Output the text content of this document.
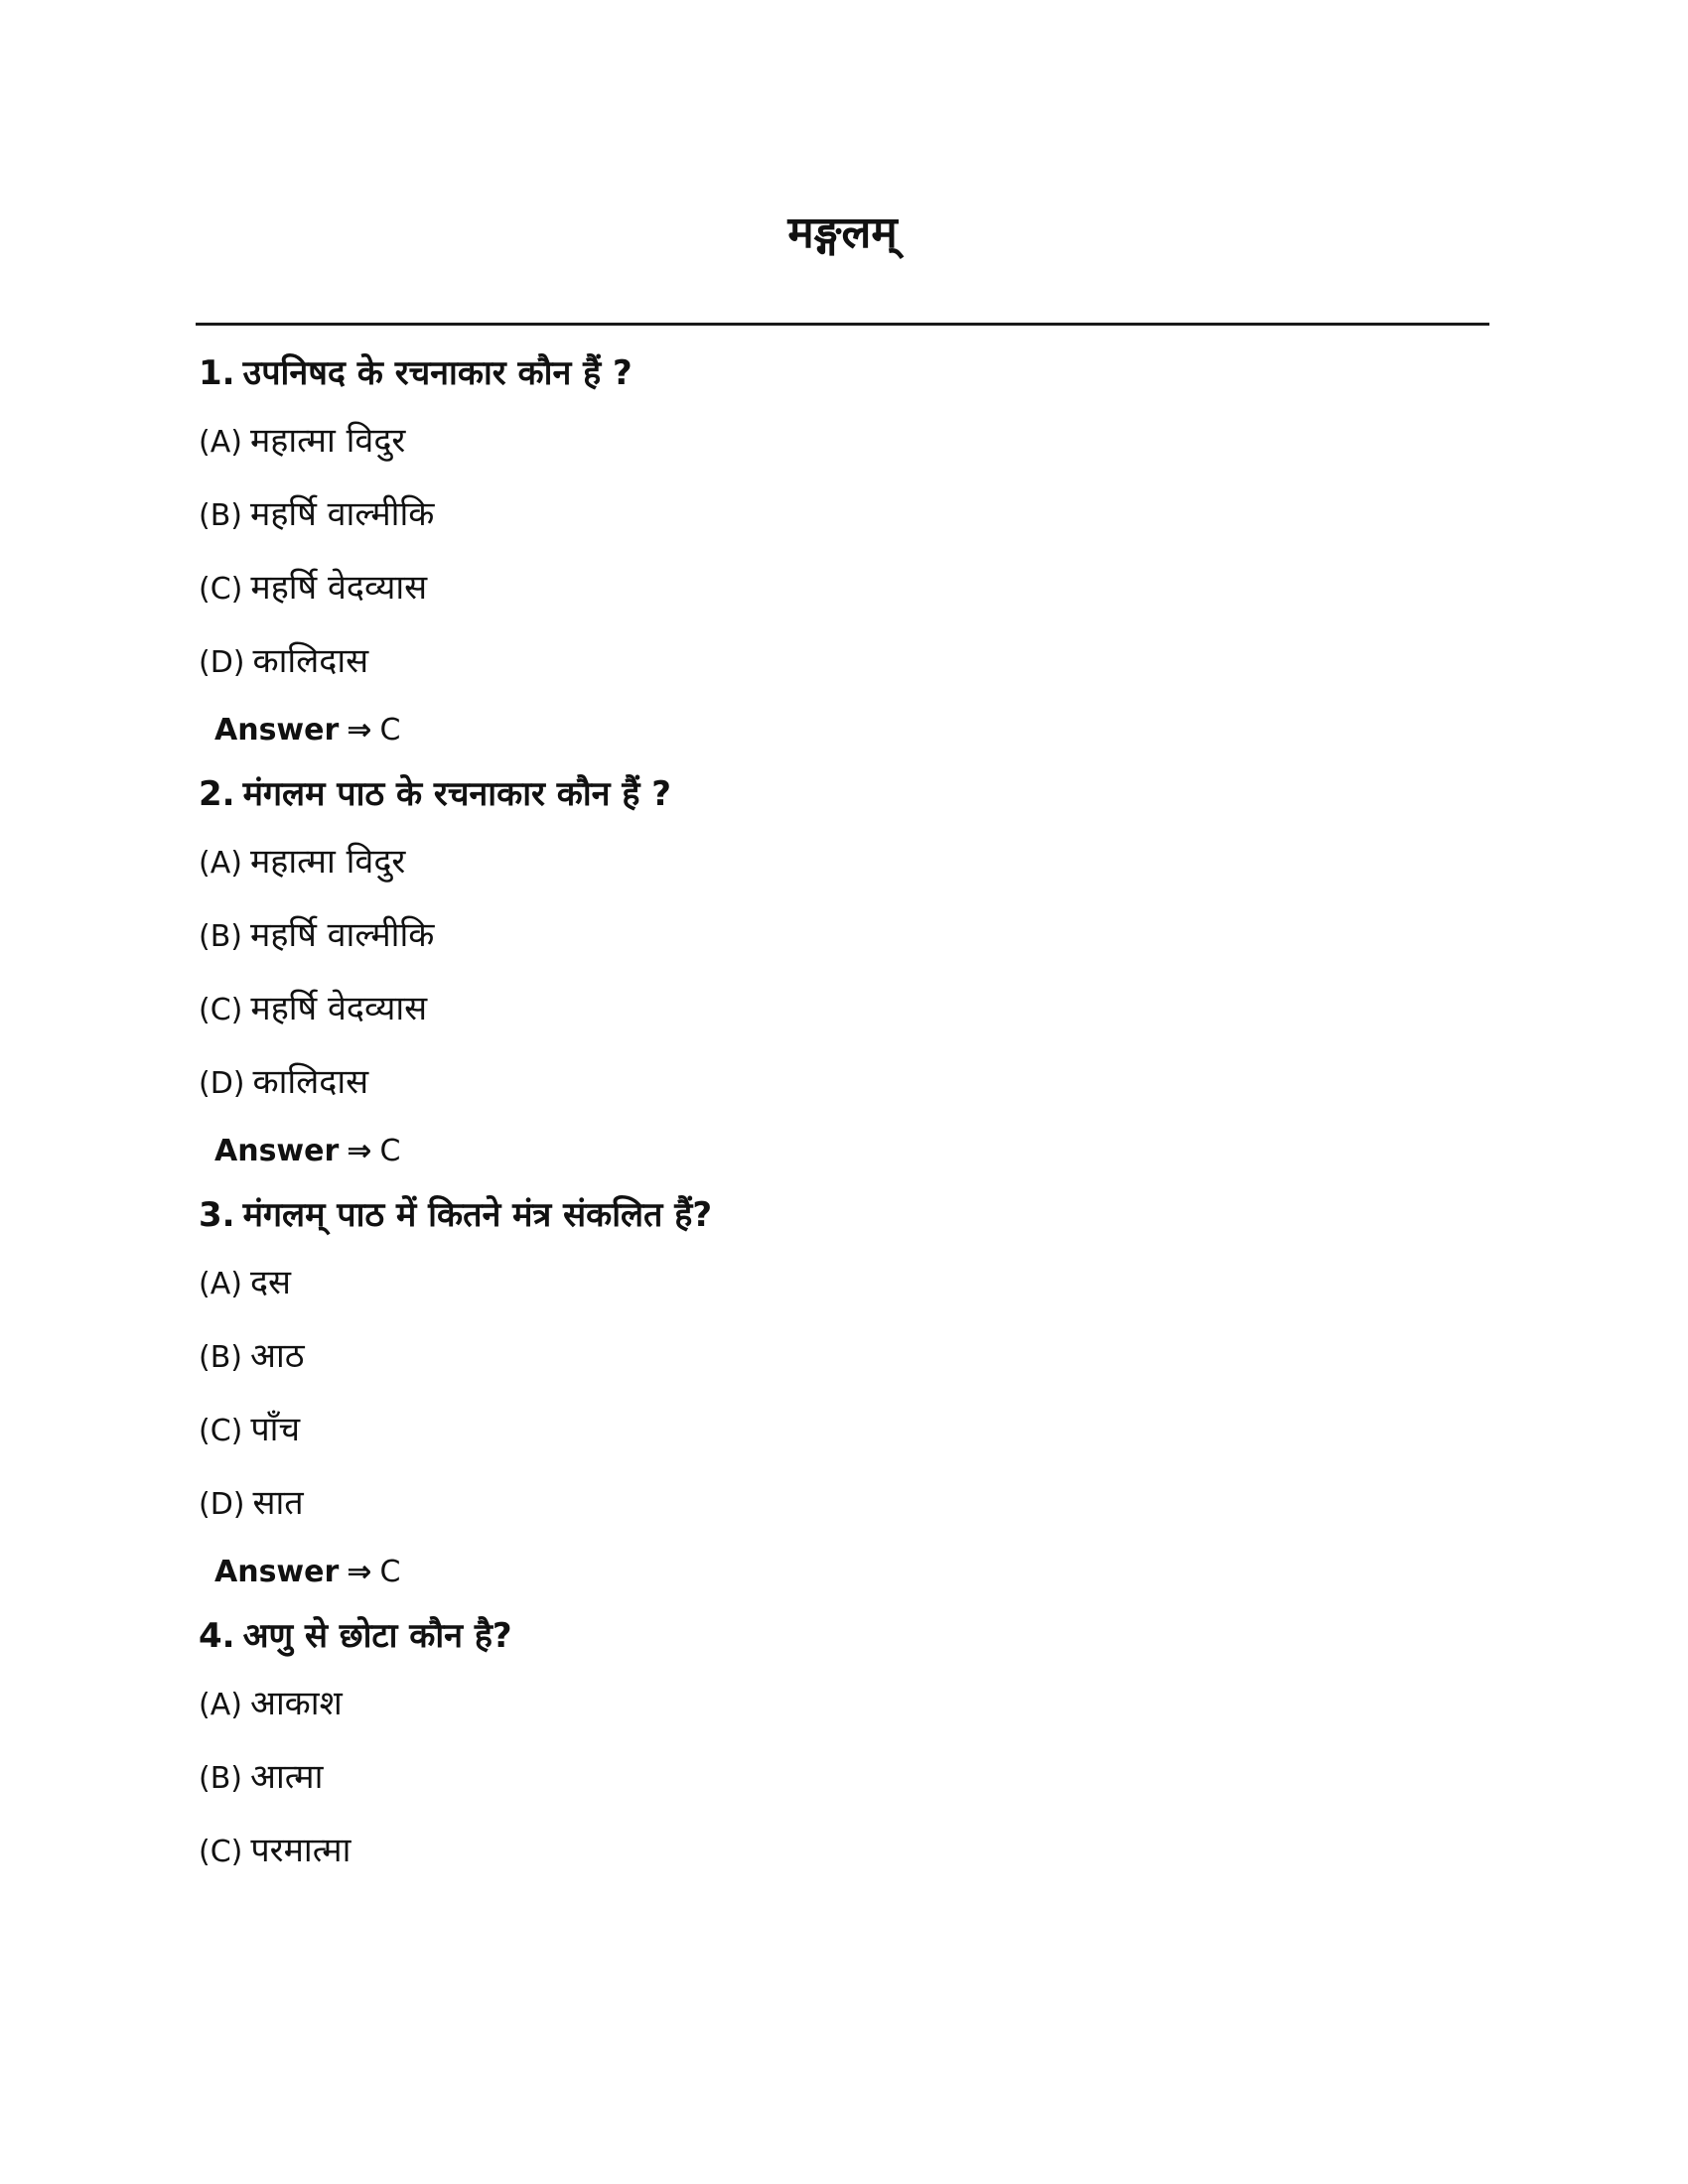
मङ्गलम्
1. उपनिषद के रचनाकार कौन हैं ?
(A) महात्मा विदुर
(B) महर्षि वाल्मीकि
(C) महर्षि वेदव्यास
(D) कालिदास
Answer ⇒ C
2. मंगलम पाठ के रचनाकार कौन हैं ?
(A) महात्मा विदुर
(B) महर्षि वाल्मीकि
(C) महर्षि वेदव्यास
(D) कालिदास
Answer ⇒ C
3. मंगलम् पाठ में कितने मंत्र संकलित हैं?
(A) दस
(B) आठ
(C) पाँच
(D) सात
Answer ⇒ C
4. अणु से छोटा कौन है?
(A) आकाश
(B) आत्मा
(C) परमात्मा
